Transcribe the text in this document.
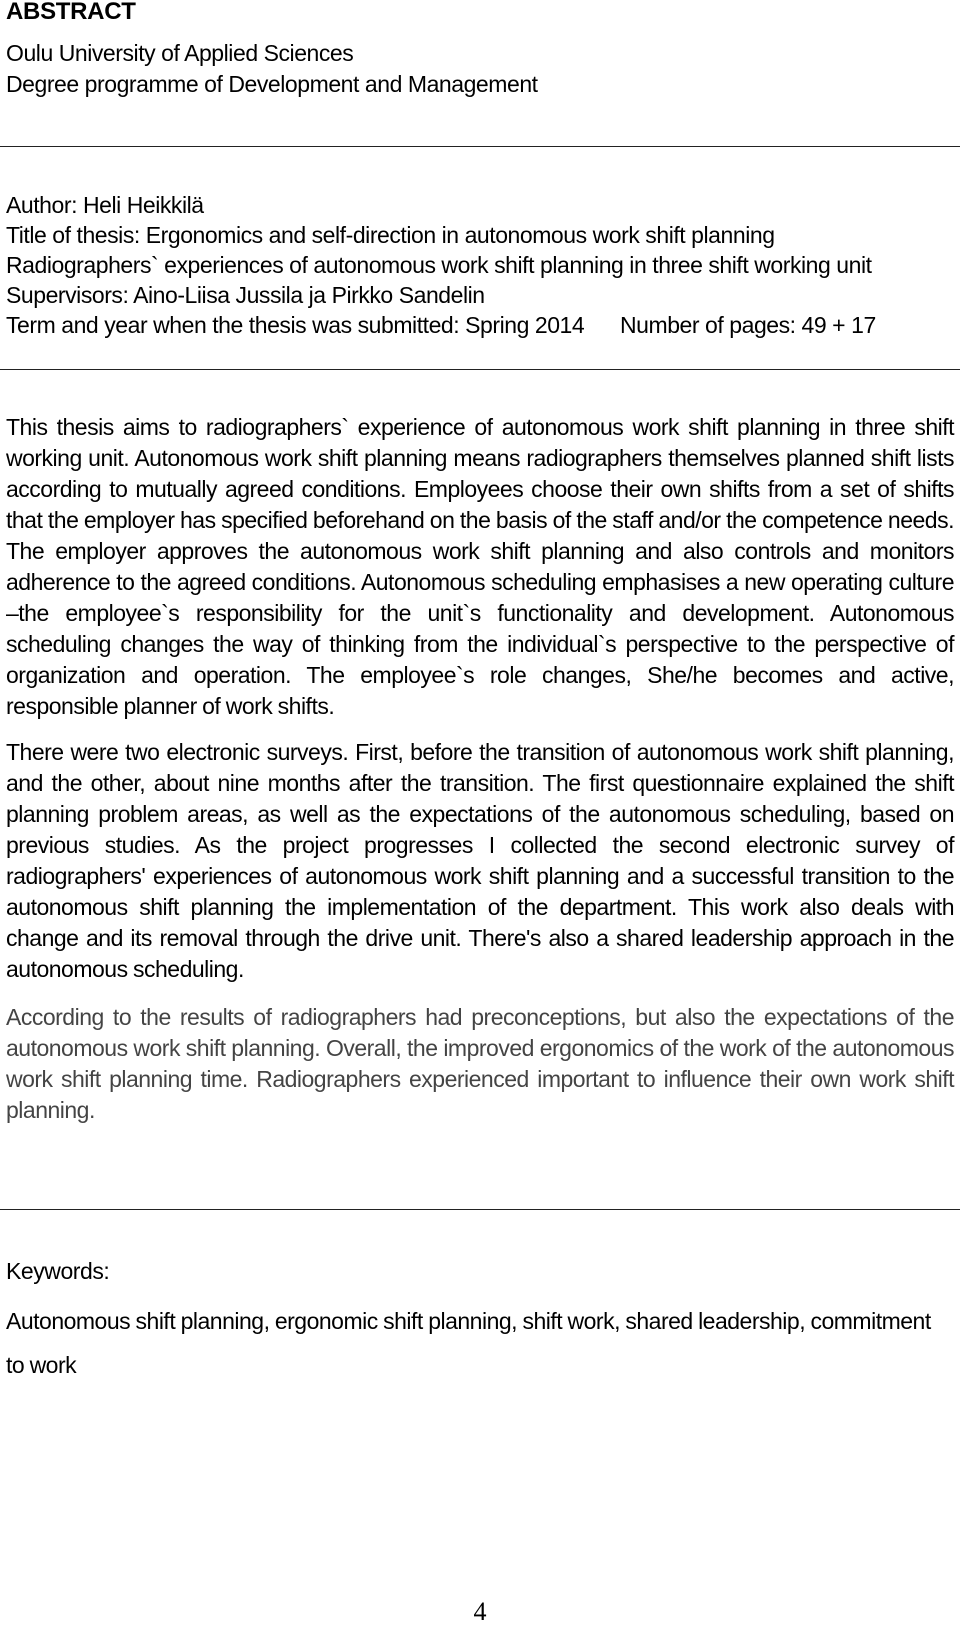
ABSTRACT
Oulu University of Applied Sciences
Degree programme of Development and Management
Author: Heli Heikkilä
Title of thesis: Ergonomics and self-direction in autonomous work shift planning
Radiographers` experiences of autonomous work shift planning in three shift working unit
Supervisors: Aino-Liisa Jussila ja Pirkko Sandelin
Term and year when the thesis was submitted: Spring 2014 Number of pages: 49 + 17
This thesis aims to radiographers` experience of autonomous work shift planning in three shift working unit. Autonomous work shift planning means radiographers themselves planned shift lists according to mutually agreed conditions. Employees choose their own shifts from a set of shifts that the employer has specified beforehand on the basis of the staff and/or the competence needs. The employer approves the autonomous work shift planning and also controls and monitors adherence to the agreed conditions. Autonomous scheduling emphasises a new operating culture –the employee`s responsibility for the unit`s functionality and development. Autonomous scheduling changes the way of thinking from the individual`s perspective to the perspective of organization and operation. The employee`s role changes, She/he becomes and active, responsible planner of work shifts.
There were two electronic surveys. First, before the transition of autonomous work shift planning, and the other, about nine months after the transition. The first questionnaire explained the shift planning problem areas, as well as the expectations of the autonomous scheduling, based on previous studies. As the project progresses I collected the second electronic survey of radiographers' experiences of autonomous work shift planning and a successful transition to the autonomous shift planning the implementation of the department. This work also deals with change and its removal through the drive unit. There's also a shared leadership approach in the autonomous scheduling.
According to the results of radiographers had preconceptions, but also the expectations of the autonomous work shift planning. Overall, the improved ergonomics of the work of the autonomous work shift planning time. Radiographers experienced important to influence their own work shift planning.
Keywords:
Autonomous shift planning, ergonomic shift planning, shift work, shared leadership, commitment to work
4
